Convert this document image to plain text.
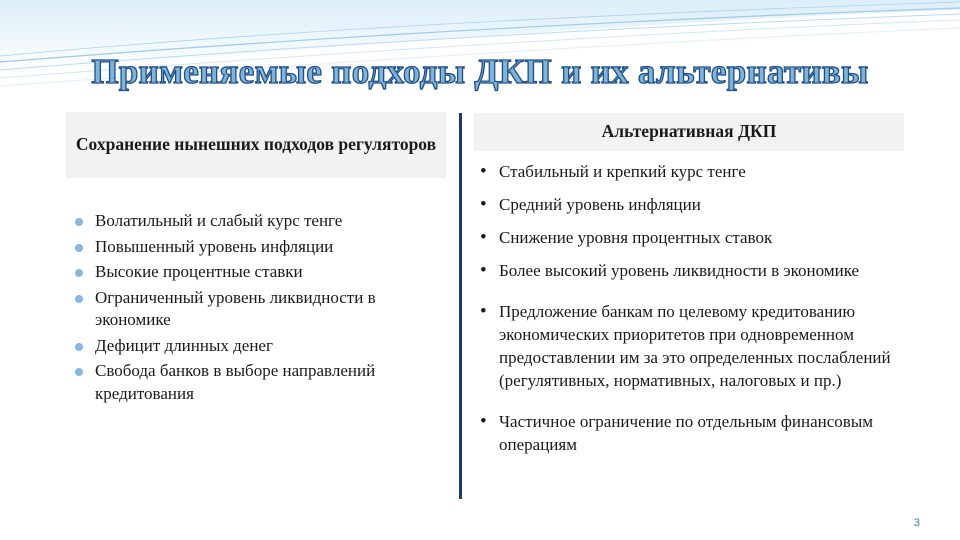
Применяемые подходы ДКП и их альтернативы
Сохранение нынешних подходов регуляторов
Альтернативная ДКП
Волатильный и слабый курс тенге
Повышенный уровень инфляции
Высокие процентные ставки
Ограниченный уровень ликвидности в экономике
Дефицит длинных денег
Свобода банков в выборе направлений кредитования
• Стабильный и крепкий курс тенге
• Средний уровень инфляции
• Снижение уровня процентных ставок
• Более высокий уровень ликвидности в экономике
• Предложение банкам по целевому кредитованию экономических приоритетов при одновременном предоставлении им за это определенных послаблений (регулятивных, нормативных, налоговых и пр.)
• Частичное ограничение по отдельным финансовым операциям
3
